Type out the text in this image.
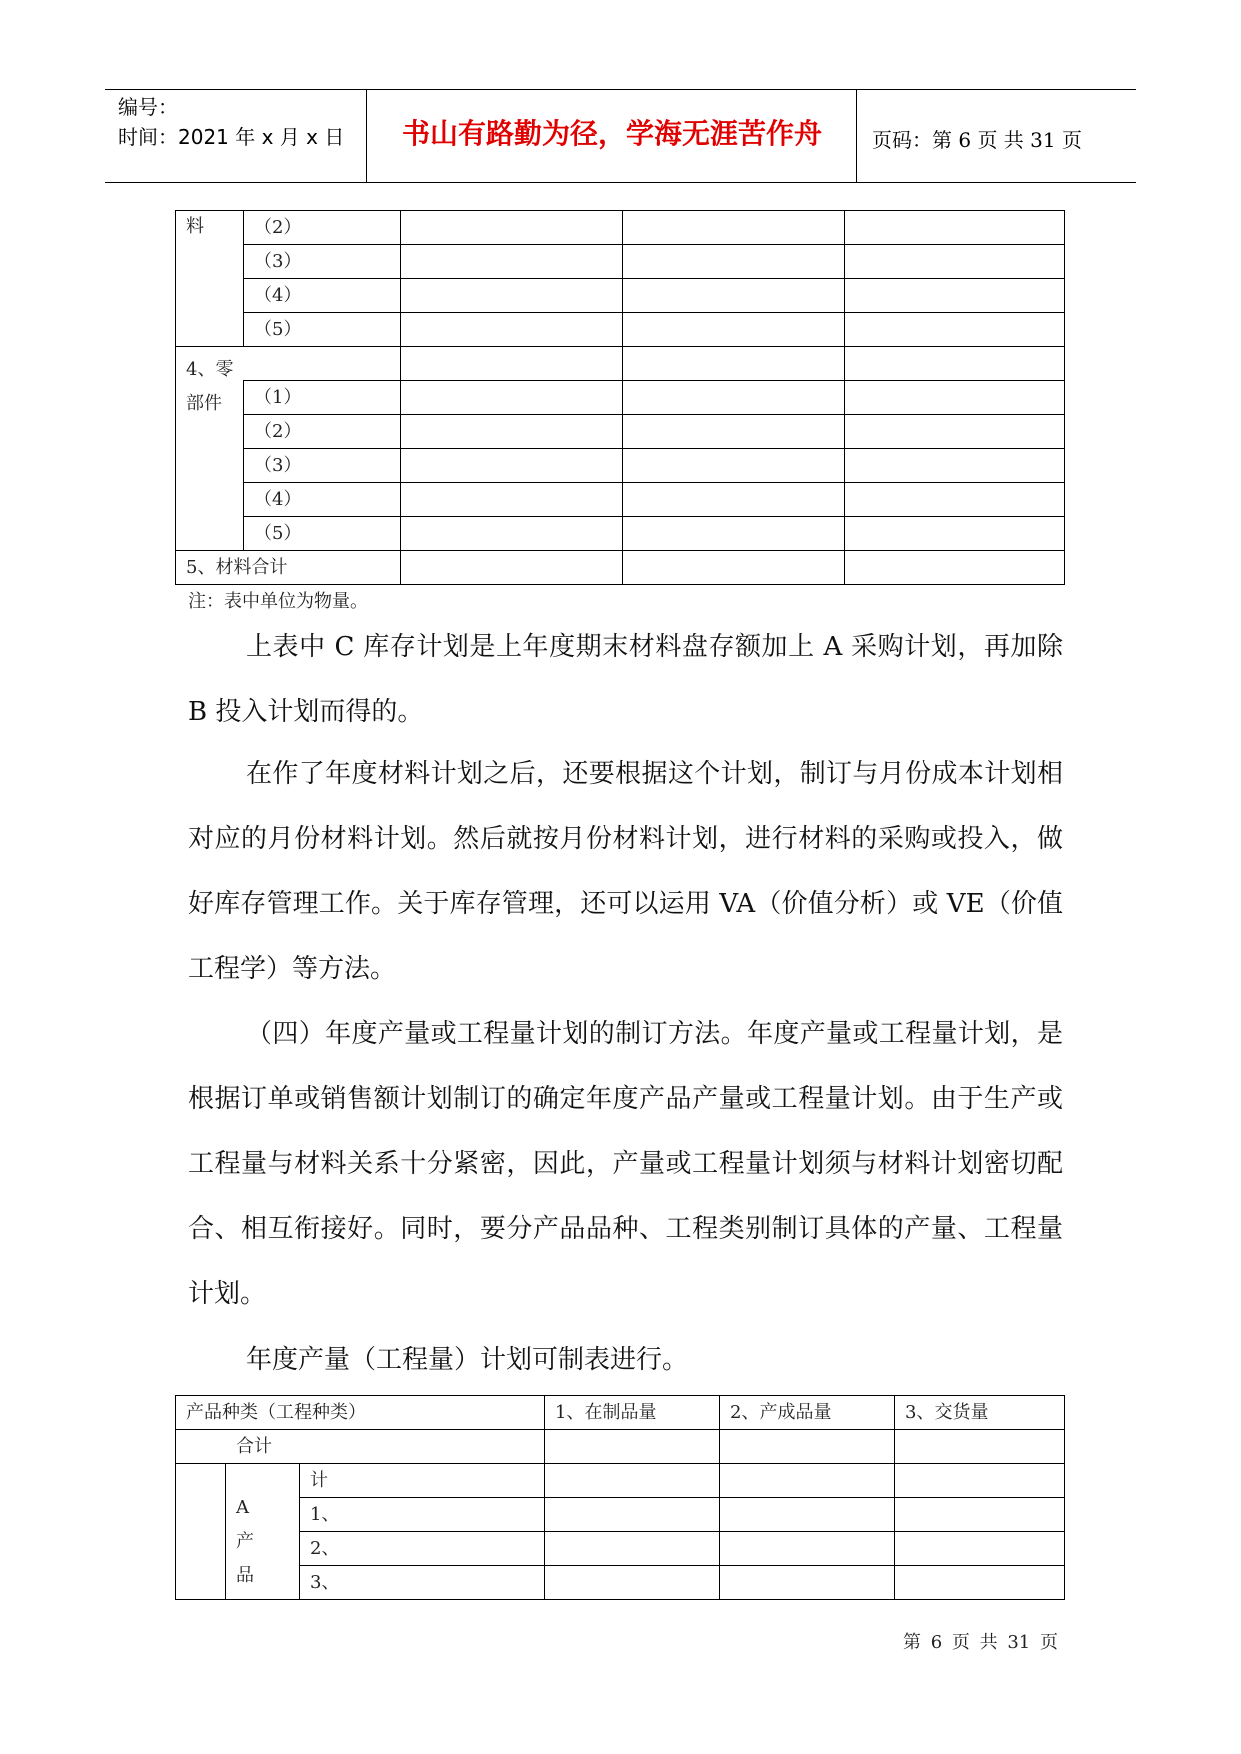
编号：
时间：2021 年 x 月 x 日	书山有路勤为径，学海无涯苦作舟	页码：第 6 页 共 31 页
料	（2）			
	（3）			
	（4）			
	（5）			
4、零部件				
	（1）			
	（2）			
	（3）			
	（4）			
	（5）			
5、材料合计				
注：表中单位为物量。
上表中 C 库存计划是上年度期末材料盘存额加上 A 采购计划，再加除 B 投入计划而得的。
在作了年度材料计划之后，还要根据这个计划，制订与月份成本计划相对应的月份材料计划。然后就按月份材料计划，进行材料的采购或投入，做好库存管理工作。关于库存管理，还可以运用 VA（价值分析）或 VE（价值工程学）等方法。
（四）年度产量或工程量计划的制订方法。年度产量或工程量计划，是根据订单或销售额计划制订的确定年度产品产量或工程量计划。由于生产或工程量与材料关系十分紧密，因此，产量或工程量计划须与材料计划密切配合、相互衔接好。同时，要分产品品种、工程类别制订具体的产量、工程量计划。
年度产量（工程量）计划可制表进行。
产品种类（工程种类）			1、在制品量	2、产成品量	3、交货量
合计					
	A 产品	计			
		1、			
		2、			
		3、			
第 6 页 共 31 页
